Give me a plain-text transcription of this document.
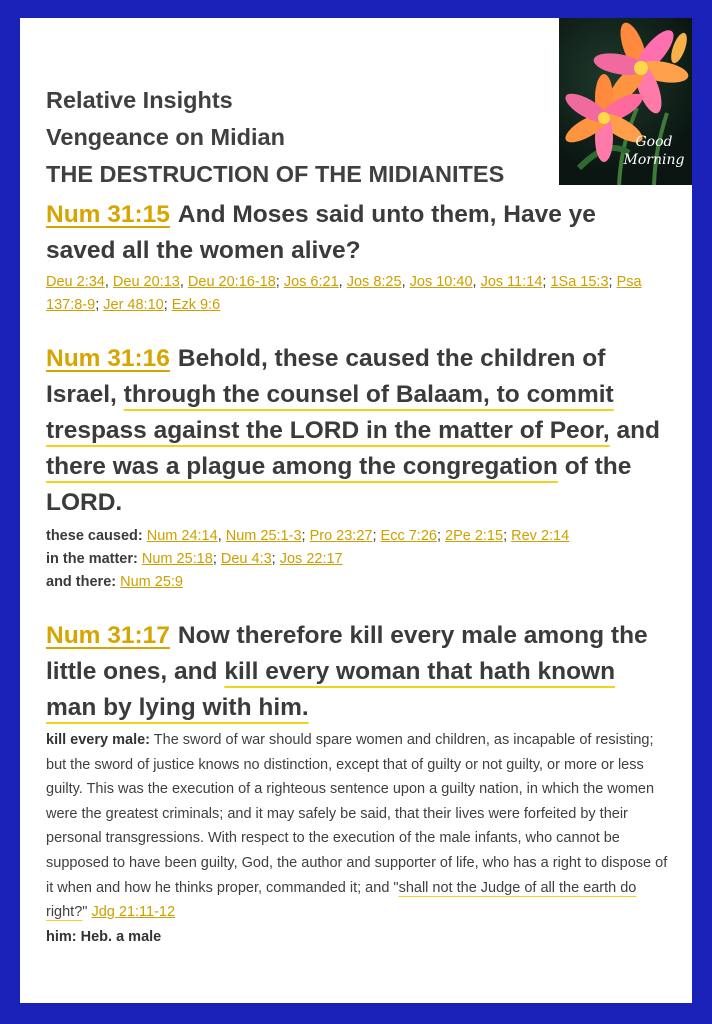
Good
Morning
Relative Insights
Vengeance on Midian
THE DESTRUCTION OF THE MIDIANITES

Num 31:15 And Moses said unto them, Have ye saved all the women alive?

Deu 2:34, Deu 20:13, Deu 20:16-18; Jos 6:21, Jos 8:25, Jos 10:40, Jos 11:14; 1Sa 15:3; Psa 137:8-9; Jer 48:10; Ezk 9:6

Num 31:16 Behold, these caused the children of Israel, through the counsel of Balaam, to commit trespass against the LORD in the matter of Peor, and there was a plague among the congregation of the LORD.

these caused: Num 24:14, Num 25:1-3; Pro 23:27; Ecc 7:26; 2Pe 2:15; Rev 2:14
in the matter: Num 25:18; Deu 4:3; Jos 22:17
and there: Num 25:9

Num 31:17 Now therefore kill every male among the little ones, and kill every woman that hath known man by lying with him.

kill every male: The sword of war should spare women and children, as incapable of resisting; but the sword of justice knows no distinction, except that of guilty or not guilty, or more or less guilty. This was the execution of a righteous sentence upon a guilty nation, in which the women were the greatest criminals; and it may safely be said, that their lives were forfeited by their personal transgressions. With respect to the execution of the male infants, who cannot be supposed to have been guilty, God, the author and supporter of life, who has a right to dispose of it when and how he thinks proper, commanded it; and "shall not the Judge of all the earth do right?" Jdg 21:11-12
him: Heb. a male
